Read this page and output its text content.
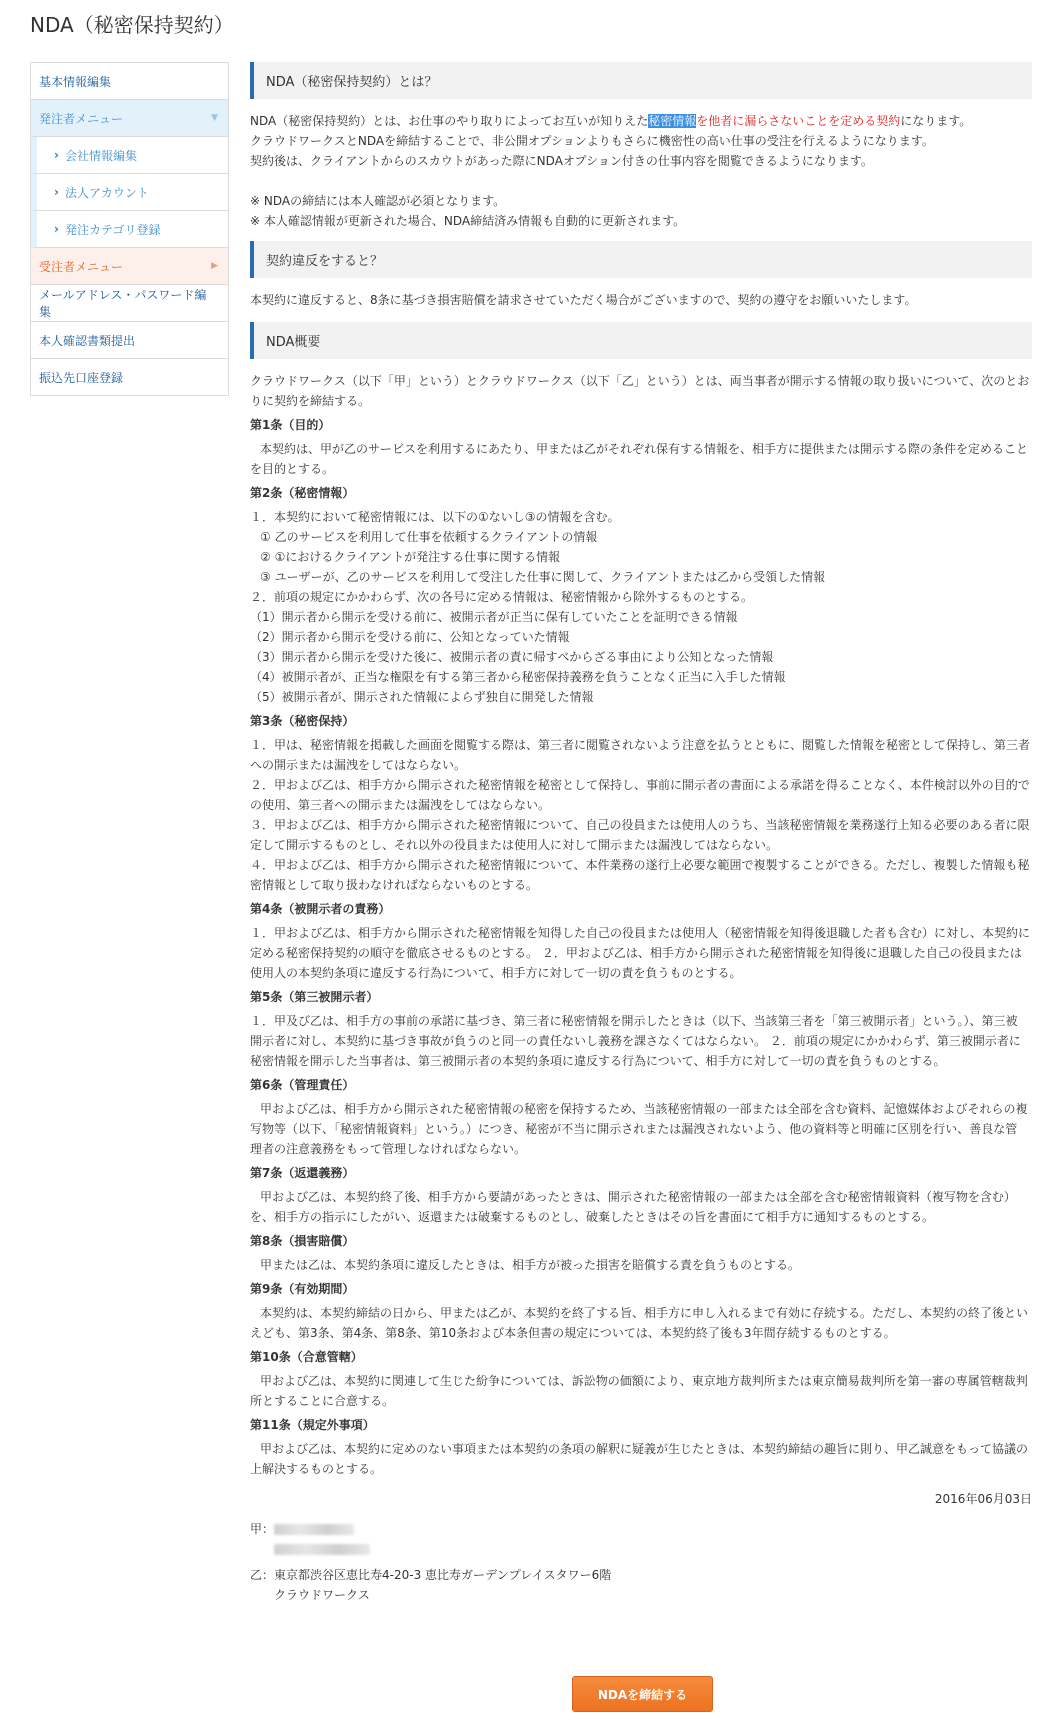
NDA（秘密保持契約）
基本情報編集
発注者メニュー	▼
› 会社情報編集
› 法人アカウント
› 発注カテゴリ登録
受注者メニュー	▶
メールアドレス・パスワード編集
本人確認書類提出
振込先口座登録
NDA（秘密保持契約）とは？

NDA（秘密保持契約）とは、お仕事のやり取りによってお互いが知りえた秘密情報を他者に漏らさないことを定める契約になります。

クラウドワークスとNDAを締結することで、非公開オプションよりもさらに機密性の高い仕事の受注を行えるようになります。

契約後は、クライアントからのスカウトがあった際にNDAオプション付きの仕事内容を閲覧できるようになります。

※ NDAの締結には本人確認が必須となります。

※ 本人確認情報が更新された場合、NDA締結済み情報も自動的に更新されます。

契約違反をすると？

本契約に違反すると、8条に基づき損害賠償を請求させていただく場合がございますので、契約の遵守をお願いいたします。

NDA概要

クラウドワークス（以下「甲」という）とクラウドワークス（以下「乙」という）とは、両当事者が開示する情報の取り扱いについて、次のとお

りに契約を締結する。

第1条（目的）

本契約は、甲が乙のサービスを利用するにあたり、甲または乙がそれぞれ保有する情報を、相手方に提供または開示する際の条件を定めること

を目的とする。

第2条（秘密情報）

１．本契約において秘密情報には、以下の①ないし③の情報を含む。

① 乙のサービスを利用して仕事を依頼するクライアントの情報

② ①におけるクライアントが発注する仕事に関する情報

③ ユーザーが、乙のサービスを利用して受注した仕事に関して、クライアントまたは乙から受領した情報

２．前項の規定にかかわらず、次の各号に定める情報は、秘密情報から除外するものとする。

（1）開示者から開示を受ける前に、被開示者が正当に保有していたことを証明できる情報

（2）開示者から開示を受ける前に、公知となっていた情報

（3）開示者から開示を受けた後に、被開示者の責に帰すべからざる事由により公知となった情報

（4）被開示者が、正当な権限を有する第三者から秘密保持義務を負うことなく正当に入手した情報

（5）被開示者が、開示された情報によらず独自に開発した情報

第3条（秘密保持）

１．甲は、秘密情報を掲載した画面を閲覧する際は、第三者に閲覧されないよう注意を払うとともに、閲覧した情報を秘密として保持し、第三者

への開示または漏洩をしてはならない。

２．甲および乙は、相手方から開示された秘密情報を秘密として保持し、事前に開示者の書面による承諾を得ることなく、本件検討以外の目的で

の使用、第三者への開示または漏洩をしてはならない。

３．甲および乙は、相手方から開示された秘密情報について、自己の役員または使用人のうち、当該秘密情報を業務遂行上知る必要のある者に限

定して開示するものとし、それ以外の役員または使用人に対して開示または漏洩してはならない。

４．甲および乙は、相手方から開示された秘密情報について、本件業務の遂行上必要な範囲で複製することができる。ただし、複製した情報も秘

密情報として取り扱わなければならないものとする。

第4条（被開示者の責務）

１．甲および乙は、相手方から開示された秘密情報を知得した自己の役員または使用人（秘密情報を知得後退職した者も含む）に対し、本契約に

定める秘密保持契約の順守を徹底させるものとする。 ２．甲および乙は、相手方から開示された秘密情報を知得後に退職した自己の役員または

使用人の本契約条項に違反する行為について、相手方に対して一切の責を負うものとする。

第5条（第三被開示者）

１．甲及び乙は、相手方の事前の承諾に基づき、第三者に秘密情報を開示したときは（以下、当該第三者を「第三被開示者」という。）、第三被

開示者に対し、本契約に基づき事故が負うのと同一の責任ないし義務を課さなくてはならない。 ２．前項の規定にかかわらず、第三被開示者に

秘密情報を開示した当事者は、第三被開示者の本契約条項に違反する行為について、相手方に対して一切の責を負うものとする。

第6条（管理責任）

甲および乙は、相手方から開示された秘密情報の秘密を保持するため、当該秘密情報の一部または全部を含む資料、記憶媒体およびそれらの複

写物等（以下、「秘密情報資料」という。）につき、秘密が不当に開示されまたは漏洩されないよう、他の資料等と明確に区別を行い、善良な管

理者の注意義務をもって管理しなければならない。

第7条（返還義務）

甲および乙は、本契約終了後、相手方から要請があったときは、開示された秘密情報の一部または全部を含む秘密情報資料（複写物を含む）

を、相手方の指示にしたがい、返還または破棄するものとし、破棄したときはその旨を書面にて相手方に通知するものとする。

第8条（損害賠償）

甲または乙は、本契約条項に違反したときは、相手方が被った損害を賠償する責を負うものとする。

第9条（有効期間）

本契約は、本契約締結の日から、甲または乙が、本契約を終了する旨、相手方に申し入れるまで有効に存続する。ただし、本契約の終了後とい

えども、第3条、第4条、第8条、第10条および本条但書の規定については、本契約終了後も3年間存続するものとする。

第10条（合意管轄）

甲および乙は、本契約に関連して生じた紛争については、訴訟物の価額により、東京地方裁判所または東京簡易裁判所を第一審の専属管轄裁判

所とすることに合意する。

第11条（規定外事項）

甲および乙は、本契約に定めのない事項または本契約の条項の解釈に疑義が生じたときは、本契約締結の趣旨に則り、甲乙誠意をもって協議の

上解決するものとする。

2016年06月03日
甲：
乙：東京都渋谷区恵比寿4-20-3 恵比寿ガーデンプレイスタワー6階
クラウドワークス
NDAを締結する
